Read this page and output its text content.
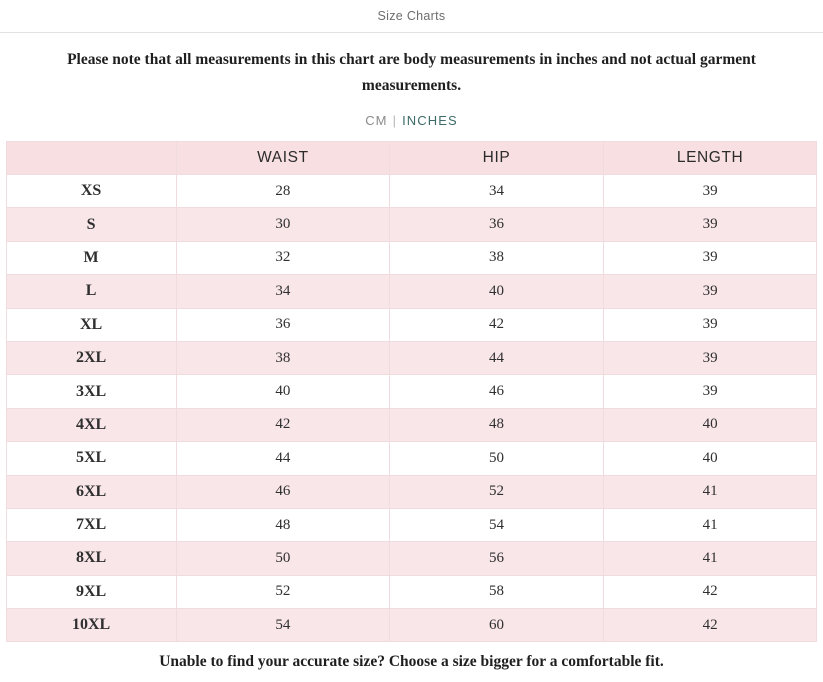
Size Charts
Please note that all measurements in this chart are body measurements in inches and not actual garment measurements.
CM | INCHES
	WAIST	HIP	LENGTH
XS	28	34	39
S	30	36	39
M	32	38	39
L	34	40	39
XL	36	42	39
2XL	38	44	39
3XL	40	46	39
4XL	42	48	40
5XL	44	50	40
6XL	46	52	41
7XL	48	54	41
8XL	50	56	41
9XL	52	58	42
10XL	54	60	42
Unable to find your accurate size? Choose a size bigger for a comfortable fit.
